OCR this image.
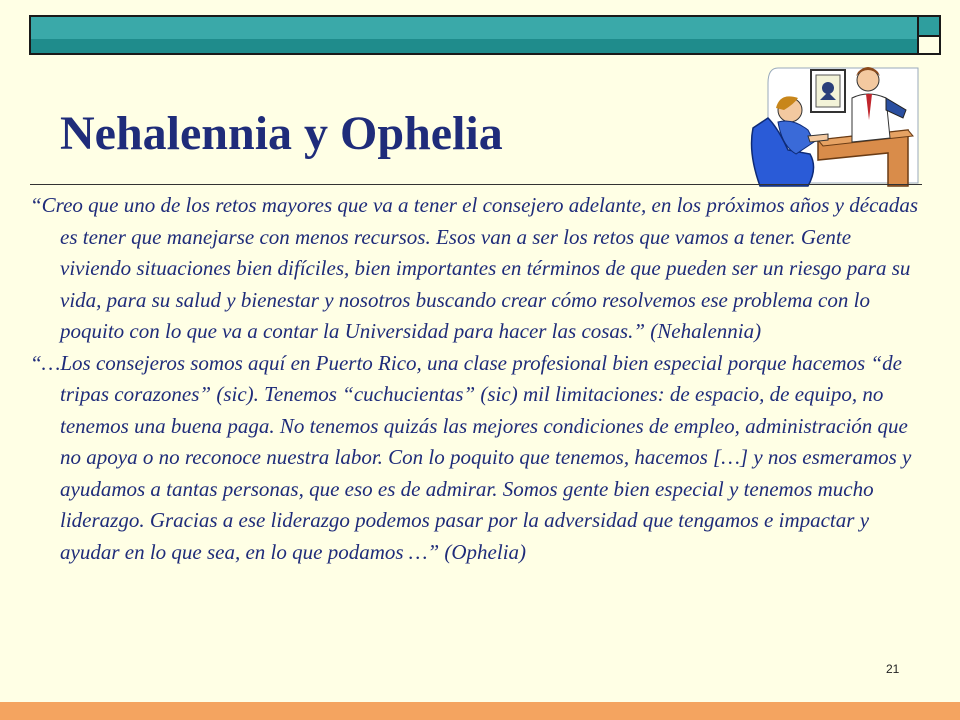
Nehalennia y Ophelia

“Creo que uno de los retos mayores que va a tener el consejero adelante, en los próximos años y décadas es tener que manejarse con menos recursos. Esos van a ser los retos que vamos a tener. Gente viviendo situaciones bien difíciles, bien importantes en términos de que pueden ser un riesgo para su vida, para su salud y bienestar y nosotros buscando crear cómo resolvemos ese problema con lo poquito con lo que va a contar la Universidad para hacer las cosas.” (Nehalennia)

“…Los consejeros somos aquí en Puerto Rico, una clase profesional bien especial porque hacemos “de tripas corazones” (sic). Tenemos “cuchucientas” (sic) mil limitaciones: de espacio, de equipo, no tenemos una buena paga. No tenemos quizás las mejores condiciones de empleo, administración que no apoya o no reconoce nuestra labor. Con lo poquito que tenemos, hacemos […] y nos esmeramos y ayudamos a tantas personas, que eso es de admirar. Somos gente bien especial y tenemos mucho liderazgo. Gracias a ese liderazgo podemos pasar por la adversidad que tengamos e impactar y ayudar en lo que sea, en lo que podamos …” (Ophelia)

21
